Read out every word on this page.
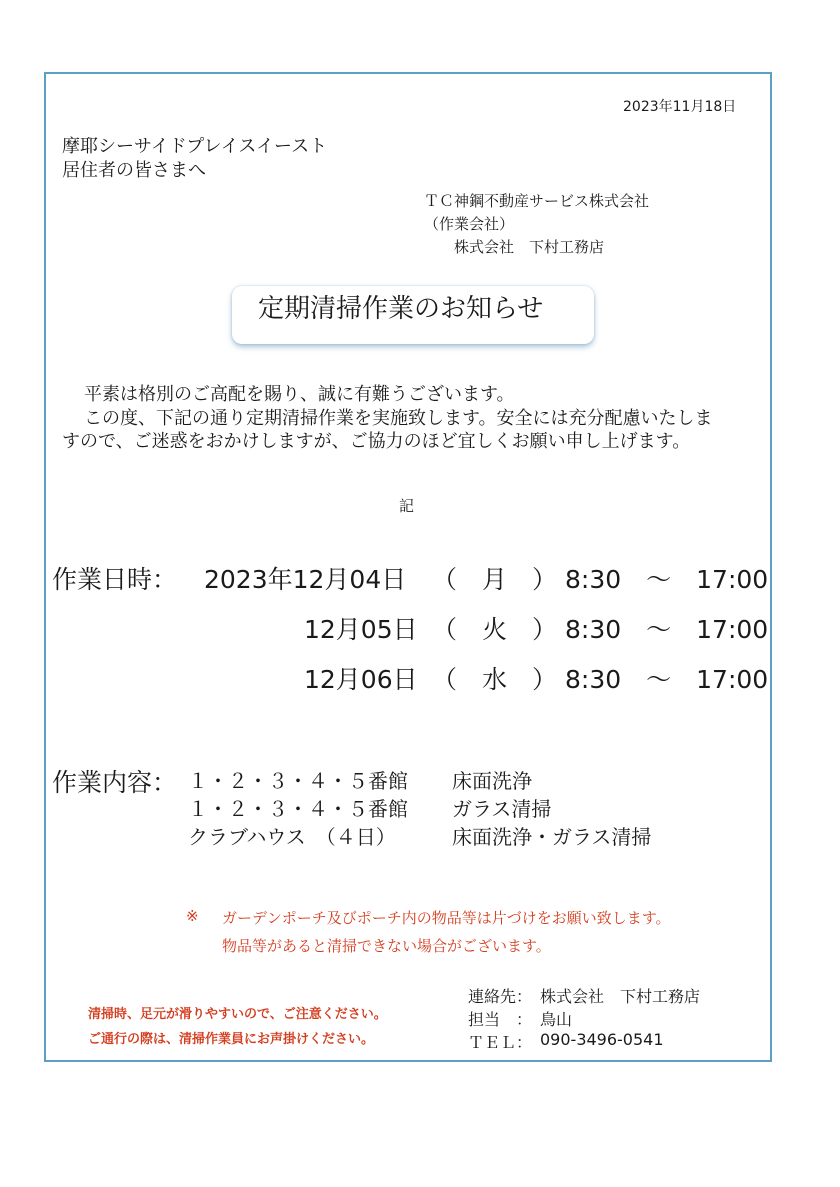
2023年11月18日
摩耶シーサイドプレイスイースト
居住者の皆さまへ
ＴＣ神鋼不動産サービス株式会社
（作業会社）
株式会社　下村工務店
定期清掃作業のお知らせ
平素は格別のご高配を賜り、誠に有難うございます。
この度、下記の通り定期清掃作業を実施致します。安全には充分配慮いたしま
すので、ご迷惑をおかけしますが、ご協力のほど宜しくお願い申し上げます。
記
作業日時： 2023年12月04日 （　月　） 8:30　～　17:00
12月05日 （　火　） 8:30　～　17:00
12月06日 （　水　） 8:30　～　17:00
作業内容： １・２・３・４・５番館 床面洗浄
１・２・３・４・５番館 ガラス清掃
クラブハウス　（４日）	床面洗浄・ガラス清掃
※ ガーデンポーチ及びポーチ内の物品等は片づけをお願い致します。
物品等があると清掃できない場合がございます。
清掃時、足元が滑りやすいので、ご注意ください。
ご通行の際は、清掃作業員にお声掛けください。
連絡先： 株式会社　下村工務店
担当　： 鳥山
ＴＥＬ： 090-3496-0541
